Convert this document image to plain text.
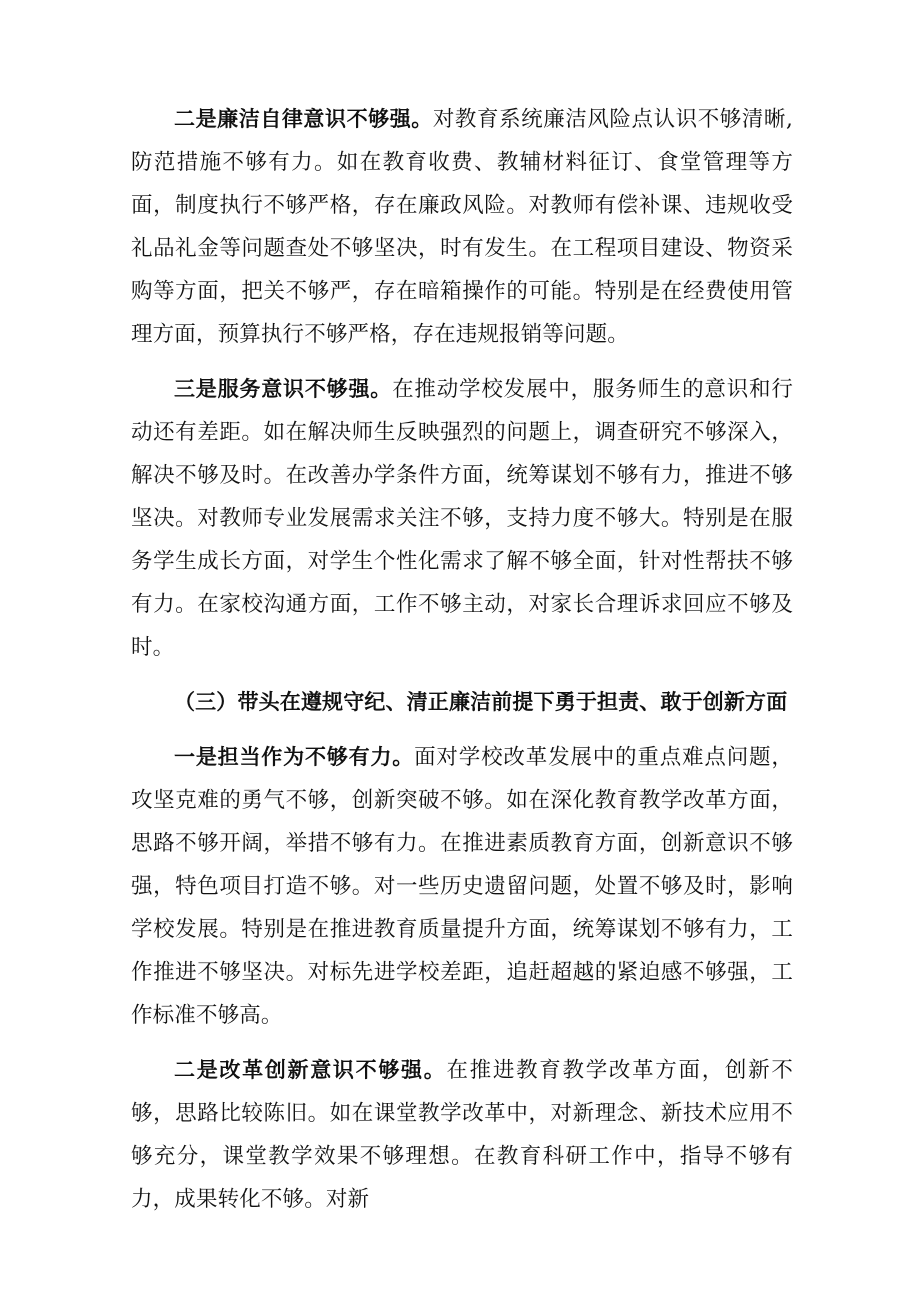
二是廉洁自律意识不够强。对教育系统廉洁风险点认识不够清晰,防范措施不够有力。如在教育收费、教辅材料征订、食堂管理等方面，制度执行不够严格，存在廉政风险。对教师有偿补课、违规收受礼品礼金等问题查处不够坚决，时有发生。在工程项目建设、物资采购等方面，把关不够严，存在暗箱操作的可能。特别是在经费使用管理方面，预算执行不够严格，存在违规报销等问题。

三是服务意识不够强。在推动学校发展中，服务师生的意识和行动还有差距。如在解决师生反映强烈的问题上，调查研究不够深入，解决不够及时。在改善办学条件方面，统筹谋划不够有力，推进不够坚决。对教师专业发展需求关注不够，支持力度不够大。特别是在服务学生成长方面，对学生个性化需求了解不够全面，针对性帮扶不够有力。在家校沟通方面，工作不够主动，对家长合理诉求回应不够及时。

（三）带头在遵规守纪、清正廉洁前提下勇于担责、敢于创新方面

一是担当作为不够有力。面对学校改革发展中的重点难点问题，攻坚克难的勇气不够，创新突破不够。如在深化教育教学改革方面，思路不够开阔，举措不够有力。在推进素质教育方面，创新意识不够强，特色项目打造不够。对一些历史遗留问题，处置不够及时，影响学校发展。特别是在推进教育质量提升方面，统筹谋划不够有力，工作推进不够坚决。对标先进学校差距，追赶超越的紧迫感不够强，工作标准不够高。

二是改革创新意识不够强。在推进教育教学改革方面，创新不够，思路比较陈旧。如在课堂教学改革中，对新理念、新技术应用不够充分，课堂教学效果不够理想。在教育科研工作中，指导不够有力，成果转化不够。对新
